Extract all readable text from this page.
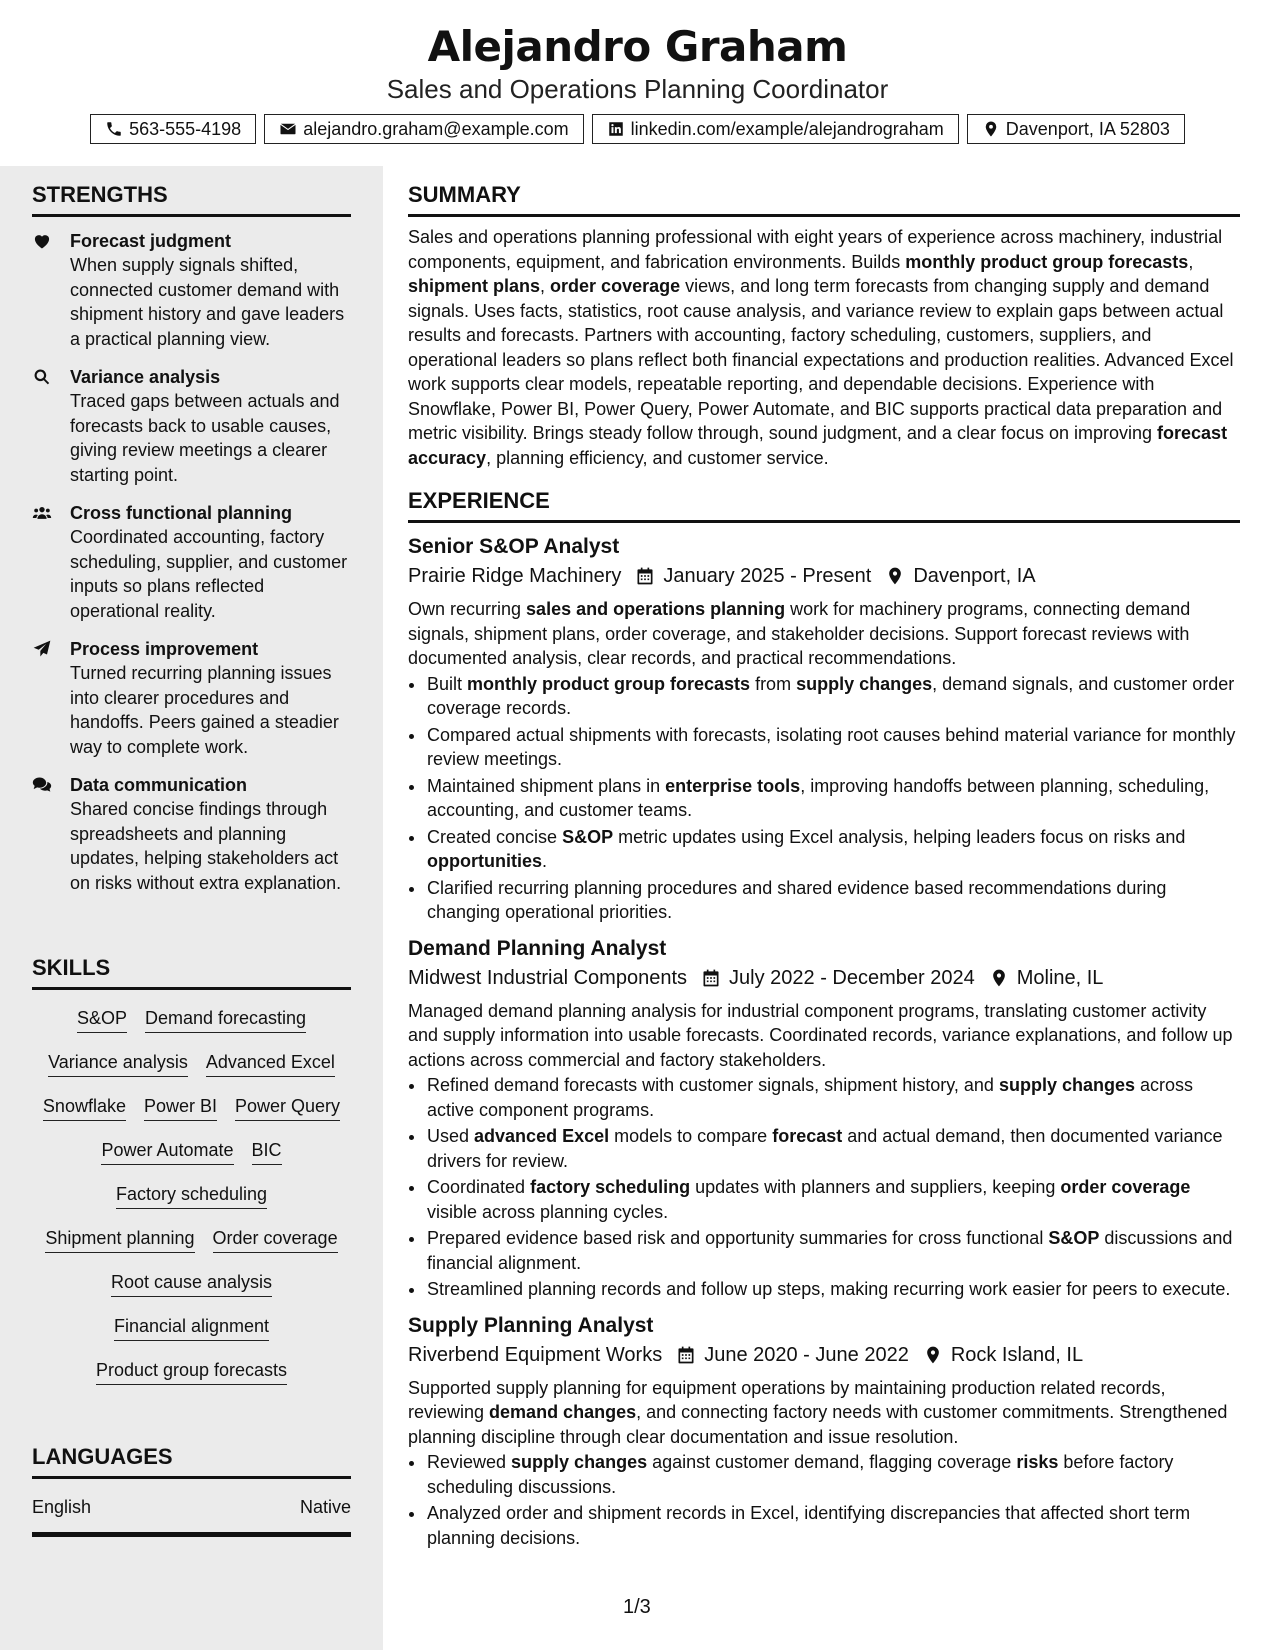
Alejandro Graham
Sales and Operations Planning Coordinator
563-555-4198	alejandro.graham@example.com	linkedin.com/example/alejandrograham	Davenport, IA 52803
STRENGTHS
Forecast judgment
When supply signals shifted, connected customer demand with shipment history and gave leaders a practical planning view.
Variance analysis
Traced gaps between actuals and forecasts back to usable causes, giving review meetings a clearer starting point.
Cross functional planning
Coordinated accounting, factory scheduling, supplier, and customer inputs so plans reflected operational reality.
Process improvement
Turned recurring planning issues into clearer procedures and handoffs. Peers gained a steadier way to complete work.
Data communication
Shared concise findings through spreadsheets and planning updates, helping stakeholders act on risks without extra explanation.
SKILLS
S&OP Demand forecasting
Variance analysis Advanced Excel
Snowflake Power BI Power Query
Power Automate BIC
Factory scheduling
Shipment planning Order coverage
Root cause analysis
Financial alignment
Product group forecasts
LANGUAGES
English	Native
SUMMARY

Sales and operations planning professional with eight years of experience across machinery, industrial components, equipment, and fabrication environments. Builds monthly product group forecasts, shipment plans, order coverage views, and long term forecasts from changing supply and demand signals. Uses facts, statistics, root cause analysis, and variance review to explain gaps between actual results and forecasts. Partners with accounting, factory scheduling, customers, suppliers, and operational leaders so plans reflect both financial expectations and production realities. Advanced Excel work supports clear models, repeatable reporting, and dependable decisions. Experience with Snowflake, Power BI, Power Query, Power Automate, and BIC supports practical data preparation and metric visibility. Brings steady follow through, sound judgment, and a clear focus on improving forecast accuracy, planning efficiency, and customer service.

EXPERIENCE
Senior S&OP Analyst
Prairie Ridge Machinery January 2025 - Present Davenport, IA

Own recurring sales and operations planning work for machinery programs, connecting demand signals, shipment plans, order coverage, and stakeholder decisions. Support forecast reviews with documented analysis, clear records, and practical recommendations.

• Built monthly product group forecasts from supply changes, demand signals, and customer order coverage records.
• Compared actual shipments with forecasts, isolating root causes behind material variance for monthly review meetings.
• Maintained shipment plans in enterprise tools, improving handoffs between planning, scheduling, accounting, and customer teams.
• Created concise S&OP metric updates using Excel analysis, helping leaders focus on risks and opportunities.
• Clarified recurring planning procedures and shared evidence based recommendations during changing operational priorities.
Demand Planning Analyst
Midwest Industrial Components July 2022 - December 2024 Moline, IL

Managed demand planning analysis for industrial component programs, translating customer activity and supply information into usable forecasts. Coordinated records, variance explanations, and follow up actions across commercial and factory stakeholders.

• Refined demand forecasts with customer signals, shipment history, and supply changes across active component programs.
• Used advanced Excel models to compare forecast and actual demand, then documented variance drivers for review.
• Coordinated factory scheduling updates with planners and suppliers, keeping order coverage visible across planning cycles.
• Prepared evidence based risk and opportunity summaries for cross functional S&OP discussions and financial alignment.
• Streamlined planning records and follow up steps, making recurring work easier for peers to execute.
Supply Planning Analyst
Riverbend Equipment Works June 2020 - June 2022 Rock Island, IL

Supported supply planning for equipment operations by maintaining production related records, reviewing demand changes, and connecting factory needs with customer commitments. Strengthened planning discipline through clear documentation and issue resolution.

• Reviewed supply changes against customer demand, flagging coverage risks before factory scheduling discussions.
• Analyzed order and shipment records in Excel, identifying discrepancies that affected short term planning decisions.
1/3
